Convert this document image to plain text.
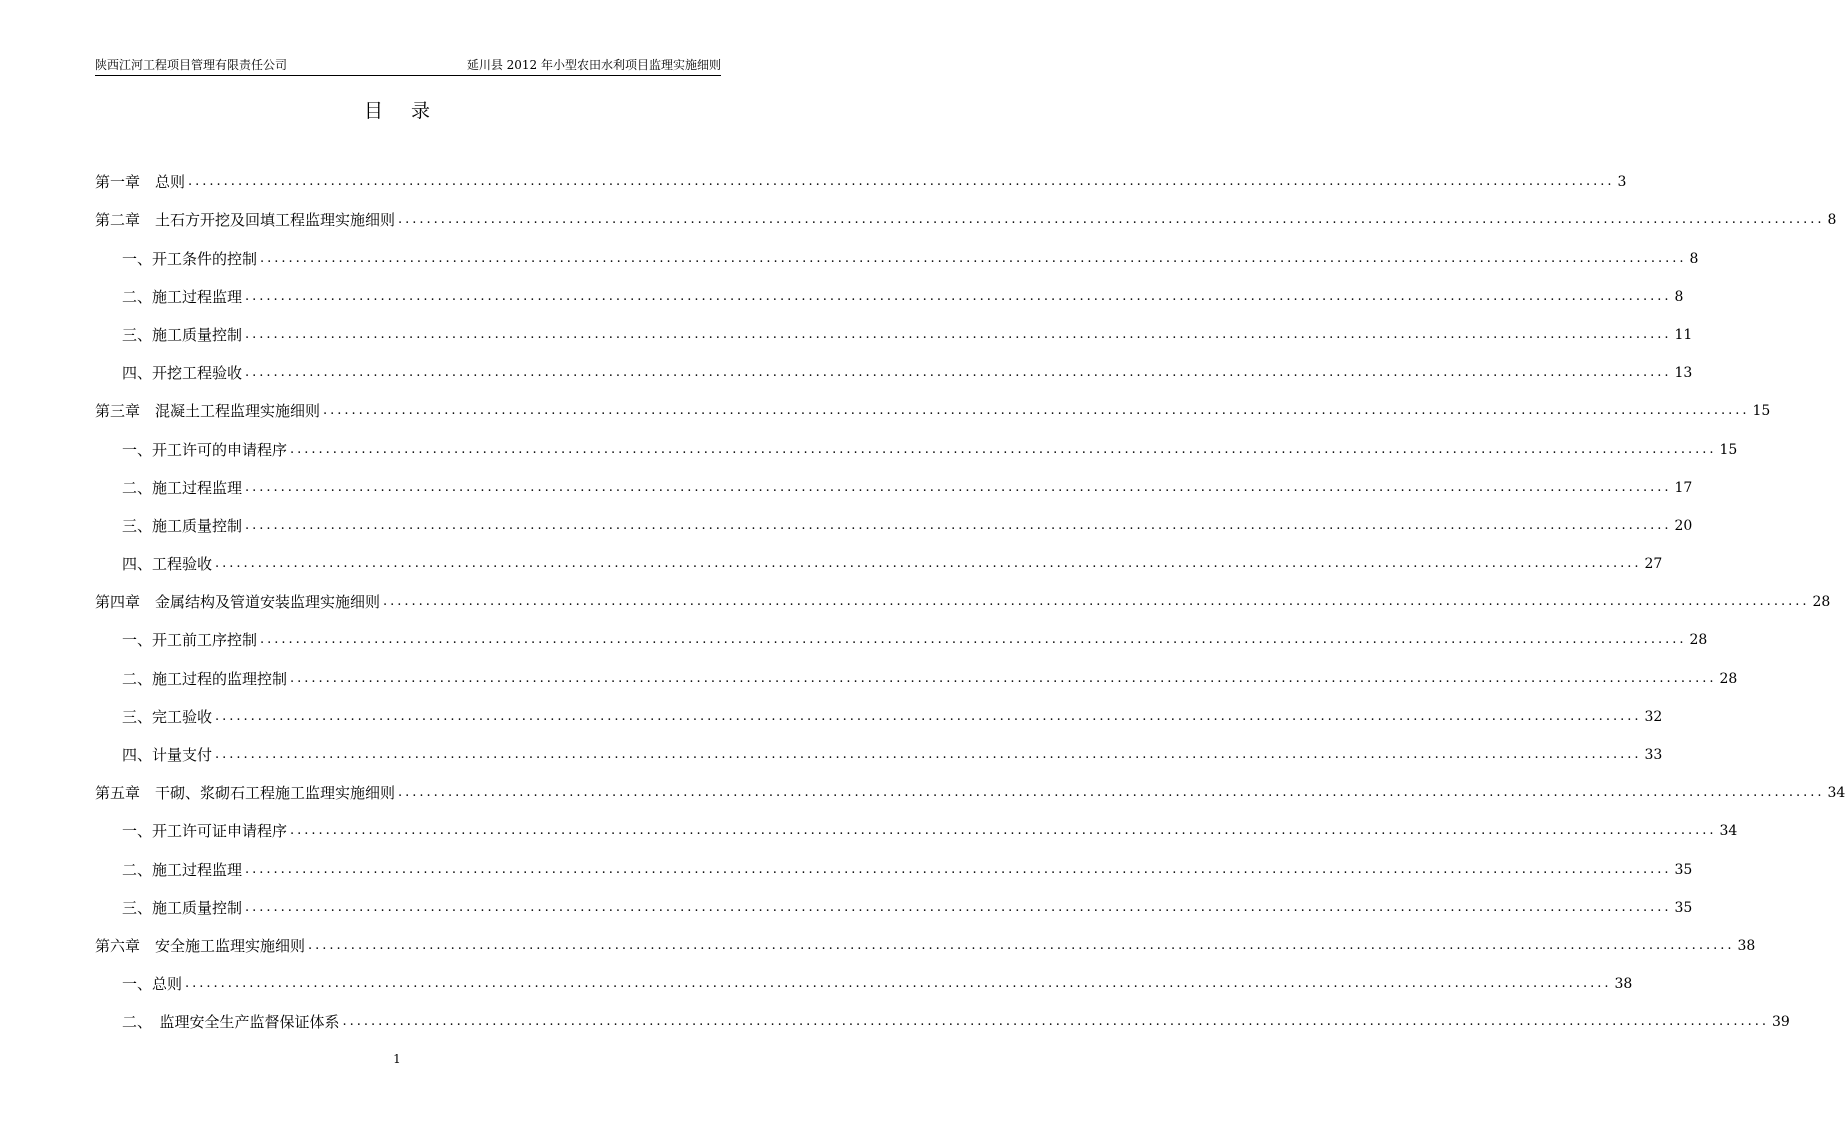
陕西江河工程项目管理有限责任公司	延川县 2012 年小型农田水利项目监理实施细则
目录
第一章　总则 ........................................................................................................................................................................................................ 3
第二章　土石方开挖及回填工程监理实施细则 ........................................................................................................................................................................................................ 8
一、开工条件的控制 ........................................................................................................................................................................................................ 8
二、施工过程监理 ........................................................................................................................................................................................................ 8
三、施工质量控制 ........................................................................................................................................................................................................ 11
四、开挖工程验收 ........................................................................................................................................................................................................ 13
第三章　混凝土工程监理实施细则 ........................................................................................................................................................................................................ 15
一、开工许可的申请程序 ........................................................................................................................................................................................................ 15
二、施工过程监理 ........................................................................................................................................................................................................ 17
三、施工质量控制 ........................................................................................................................................................................................................ 20
四、工程验收 ........................................................................................................................................................................................................ 27
第四章　金属结构及管道安装监理实施细则 ........................................................................................................................................................................................................ 28
一、开工前工序控制 ........................................................................................................................................................................................................ 28
二、施工过程的监理控制 ........................................................................................................................................................................................................ 28
三、完工验收 ........................................................................................................................................................................................................ 32
四、计量支付 ........................................................................................................................................................................................................ 33
第五章　干砌、浆砌石工程施工监理实施细则 ........................................................................................................................................................................................................ 34
一、开工许可证申请程序 ........................................................................................................................................................................................................ 34
二、施工过程监理 ........................................................................................................................................................................................................ 35
三、施工质量控制 ........................................................................................................................................................................................................ 35
第六章　安全施工监理实施细则 ........................................................................................................................................................................................................ 38
一、总则 ........................................................................................................................................................................................................ 38
二、　监理安全生产监督保证体系 ........................................................................................................................................................................................................ 39
1
